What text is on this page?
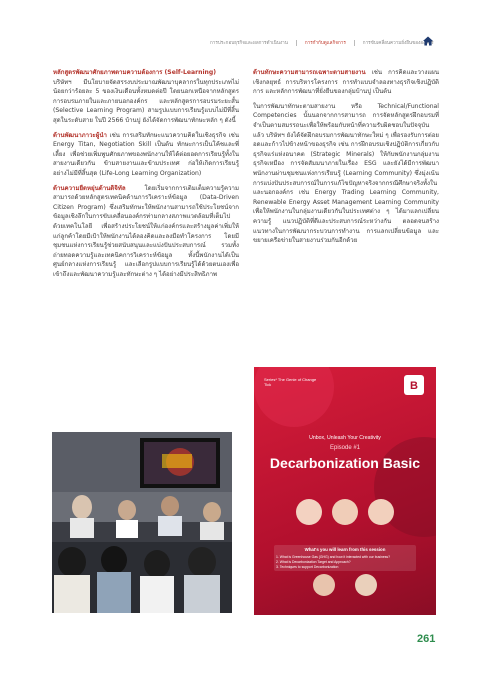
การประกอบธุรกิจและผลการดำเนินงาน	การกำกับดูแลกิจการ	การขับเคลื่อนความยั่งยืนขององค์กร

หลักสูตรพัฒนาศักยภาพตามความต้องการ (Self-Learning)
บริษัทฯ มีนโยบายจัดสรรงบประมาณพัฒนาบุคลากรในทุกประเภทไม่น้อยกว่าร้อยละ 5 ของเงินเดือนทั้งหมดต่อปี โดยนอกเหนือจากหลักสูตรการอบรมภายในและภายนอกองค์กร และหลักสูตรการอบรมระยะสั้น (Selective Learning Program) สามรูปแบบการเรียนรู้แบบไม่มีที่สิ้นสุดในระดับสาย ในปี 2566 บ้านปู ยังได้จัดการพัฒนาทักษะหลัก ๆ ดังนี้

ด้านพัฒนาภาวะผู้นำ เช่น การเสริมทักษะแนวความคิดในเชิงธุรกิจ เช่น Energy Titan, Negotiation Skill เป็นต้น ทักษะการเป็นโค้ชและพี่เลี้ยง เพื่อช่วยเพิ่มพูนศักยภาพของพนักงานให้ได้ต่อยอดการเรียนรู้ทั้งในสายงานเดียวกัน ข้ามสายงานและข้ามประเทศ ก่อให้เกิดการเรียนรู้อย่างไม่มีที่สิ้นสุด (Life-Long Learning Organization)

ด้านความยืดหยุ่นด้านดิจิทัล โดยเริ่มจากการเติมเต็มความรู้ความสามารถด้วยหลักสูตรเทคนิคด้านการวิเคราะห์ข้อมูล (Data-Driven Citizen Program) ซึ่งเสริมทักษะให้พนักงานสามารถใช้ประโยชน์จากข้อมูลเชิงลึกในการขับเคลื่อนองค์กรท่ามกลางสภาพแวดล้อมที่เต็มไปด้วยเทคโนโลยี เพื่อสร้างประโยชน์ให้แก่องค์กรและสร้างมูลค่าเพิ่มให้แก่ลูกค้าโดยมีเป้าให้พนักงานได้ลองคิดและลงมือทำโครงการ โดยมีชุมชนแห่งการเรียนรู้ช่วยสนับสนุนและแบ่งปันประสบการณ์ รวมทั้งถ่ายทอดความรู้และเทคนิคการวิเคราะห์ข้อมูล ทั้งนี้พนักงานได้เป็นศูนย์กลางแห่งการเรียนรู้ และเลือกรูปแบบการเรียนรู้ได้ด้วยตนเองเพื่อเข้าถึงและพัฒนาความรู้และทักษะต่าง ๆ ได้อย่างมีประสิทธิภาพ

ด้านทักษะความสามารถเฉพาะตามสายงาน เช่น การคิดและวางแผนเชิงกลยุทธ์ การบริหารโครงการ การทำแบบจำลองทางธุรกิจเชิงปฏิบัติการ และหลักการพัฒนาที่ยั่งยืนของกลุ่มบ้านปู เป็นต้น

ในการพัฒนาทักษะตามสายงาน หรือ Technical/Functional Competencies นั้นนอกจากการสามารถ การจัดหลักสูตรฝึกอบรมที่จำเป็นตามสมรรถนะเพื่อให้พร้อมกับหน้าที่ความรับผิดชอบในปัจจุบันแล้ว บริษัทฯ ยังได้จัดฝึกอบรมการพัฒนาทักษะใหม่ ๆ เพื่อรองรับการต่อยอดและก้าวไปข้างหน้าของธุรกิจ เช่น การฝึกอบรมเชิงปฏิบัติการเกี่ยวกับธุรกิจแร่แห่งอนาคต (Strategic Minerals) ให้กับพนักงานกลุ่มงานธุรกิจเหมือง การจัดสัมมนาภายในเรื่อง ESG และยังได้มีการพัฒนาพนักงานผ่านชุมชนแห่งการเรียนรู้ (Learning Community) ซึ่งมุ่งเน้นการแบ่งปันประสบการณ์ในการแก้ไขปัญหาจริงจากกรณีศึกษาจริงทั้งในและนอกองค์กร เช่น Energy Trading Learning Community, Renewable Energy Asset Management Learning Community เพื่อให้พนักงานในกลุ่มงานเดียวกันในประเทศต่าง ๆ ได้มาแลกเปลี่ยนความรู้ แนวปฏิบัติที่ดีและประสบการณ์ระหว่างกัน ตลอดจนสร้างแนวทางในการพัฒนากระบวนการทำงาน การแลกเปลี่ยนข้อมูล และขยายเครือข่ายในสายงานร่วมกันอีกด้วย

B
Series* The Genie of Change Tick
Unbox, Unleash Your Creativity
Episode #1
Decarbonization Basic
What's you will learn from this session
1. What is Greenhouse Gas (GHG) and how it interacted with our business?
2. What is Decarbonization Target and Approach?
3. Techniques to support Decarbonization
261
